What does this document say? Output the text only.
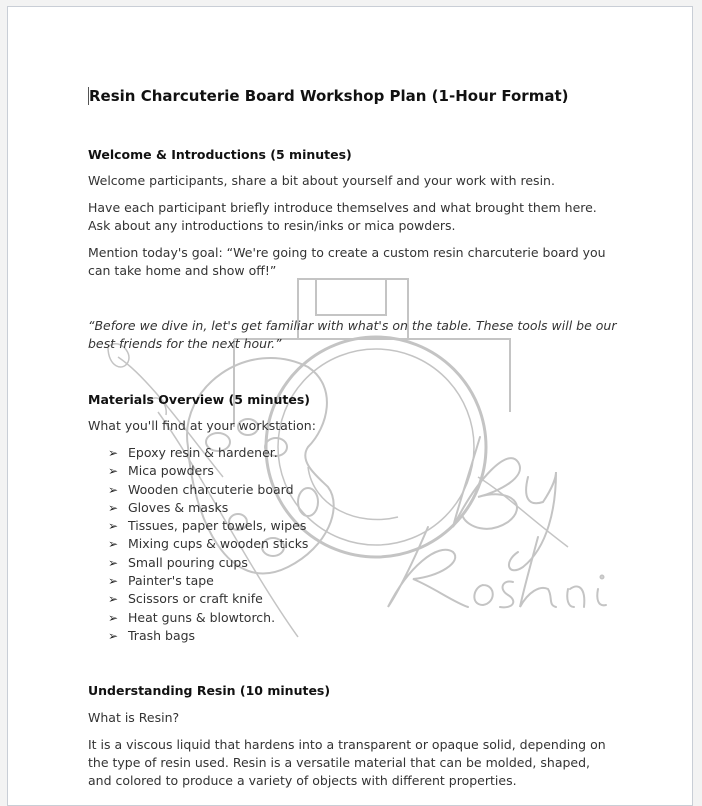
Resin Charcuterie Board Workshop Plan (1-Hour Format)
Welcome & Introductions (5 minutes)
Welcome participants, share a bit about yourself and your work with resin.
Have each participant briefly introduce themselves and what brought them here. Ask about any introductions to resin/inks or mica powders.
Mention today's goal: “We're going to create a custom resin charcuterie board you can take home and show off!”
“Before we dive in, let's get familiar with what's on the table. These tools will be our best friends for the next hour.”
Materials Overview (5 minutes)
What you'll find at your workstation:
➢ Epoxy resin & hardener.
➢ Mica powders
➢ Wooden charcuterie board
➢ Gloves & masks
➢ Tissues, paper towels, wipes
➢ Mixing cups & wooden sticks
➢ Small pouring cups
➢ Painter's tape
➢ Scissors or craft knife
➢ Heat guns & blowtorch.
➢ Trash bags
Understanding Resin (10 minutes)
What is Resin?
It is a viscous liquid that hardens into a transparent or opaque solid, depending on the type of resin used. Resin is a versatile material that can be molded, shaped, and colored to produce a variety of objects with different properties.
